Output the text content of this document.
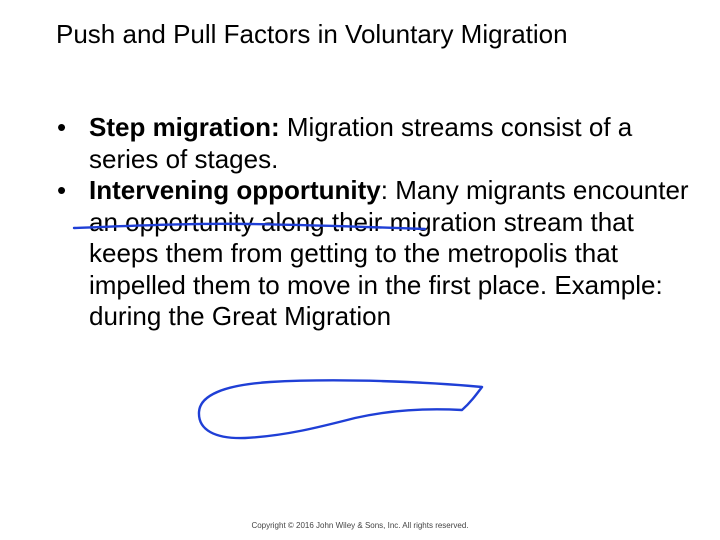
Push and Pull Factors in Voluntary Migration
• Step migration: Migration streams consist of a series of stages.
• Intervening opportunity: Many migrants encounter an opportunity along their migration stream that keeps them from getting to the metropolis that impelled them to move in the first place. Example: during the Great Migration
Copyright © 2016 John Wiley & Sons, Inc. All rights reserved.
